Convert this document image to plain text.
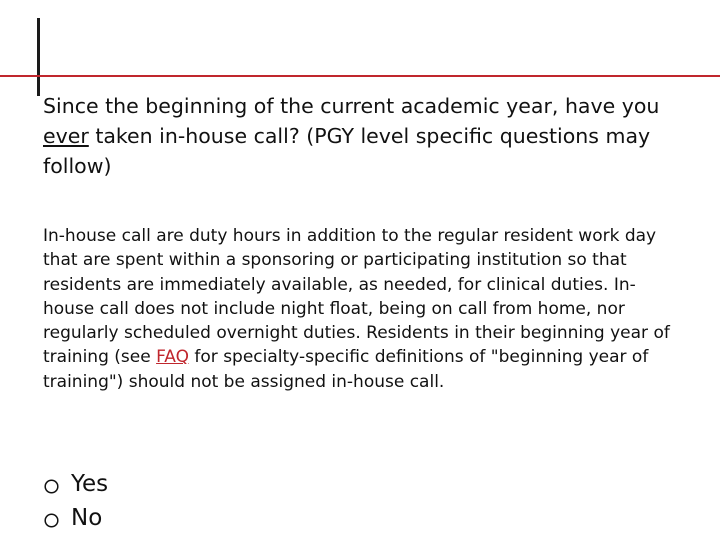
Since the beginning of the current academic year, have you ever taken in-house call? (PGY level specific questions may follow)

In-house call are duty hours in addition to the regular resident work day that are spent within a sponsoring or participating institution so that residents are immediately available, as needed, for clinical duties. In-house call does not include night float, being on call from home, nor regularly scheduled overnight duties. Residents in their beginning year of training (see FAQ for specialty-specific definitions of "beginning year of training") should not be assigned in-house call.

Yes
No
